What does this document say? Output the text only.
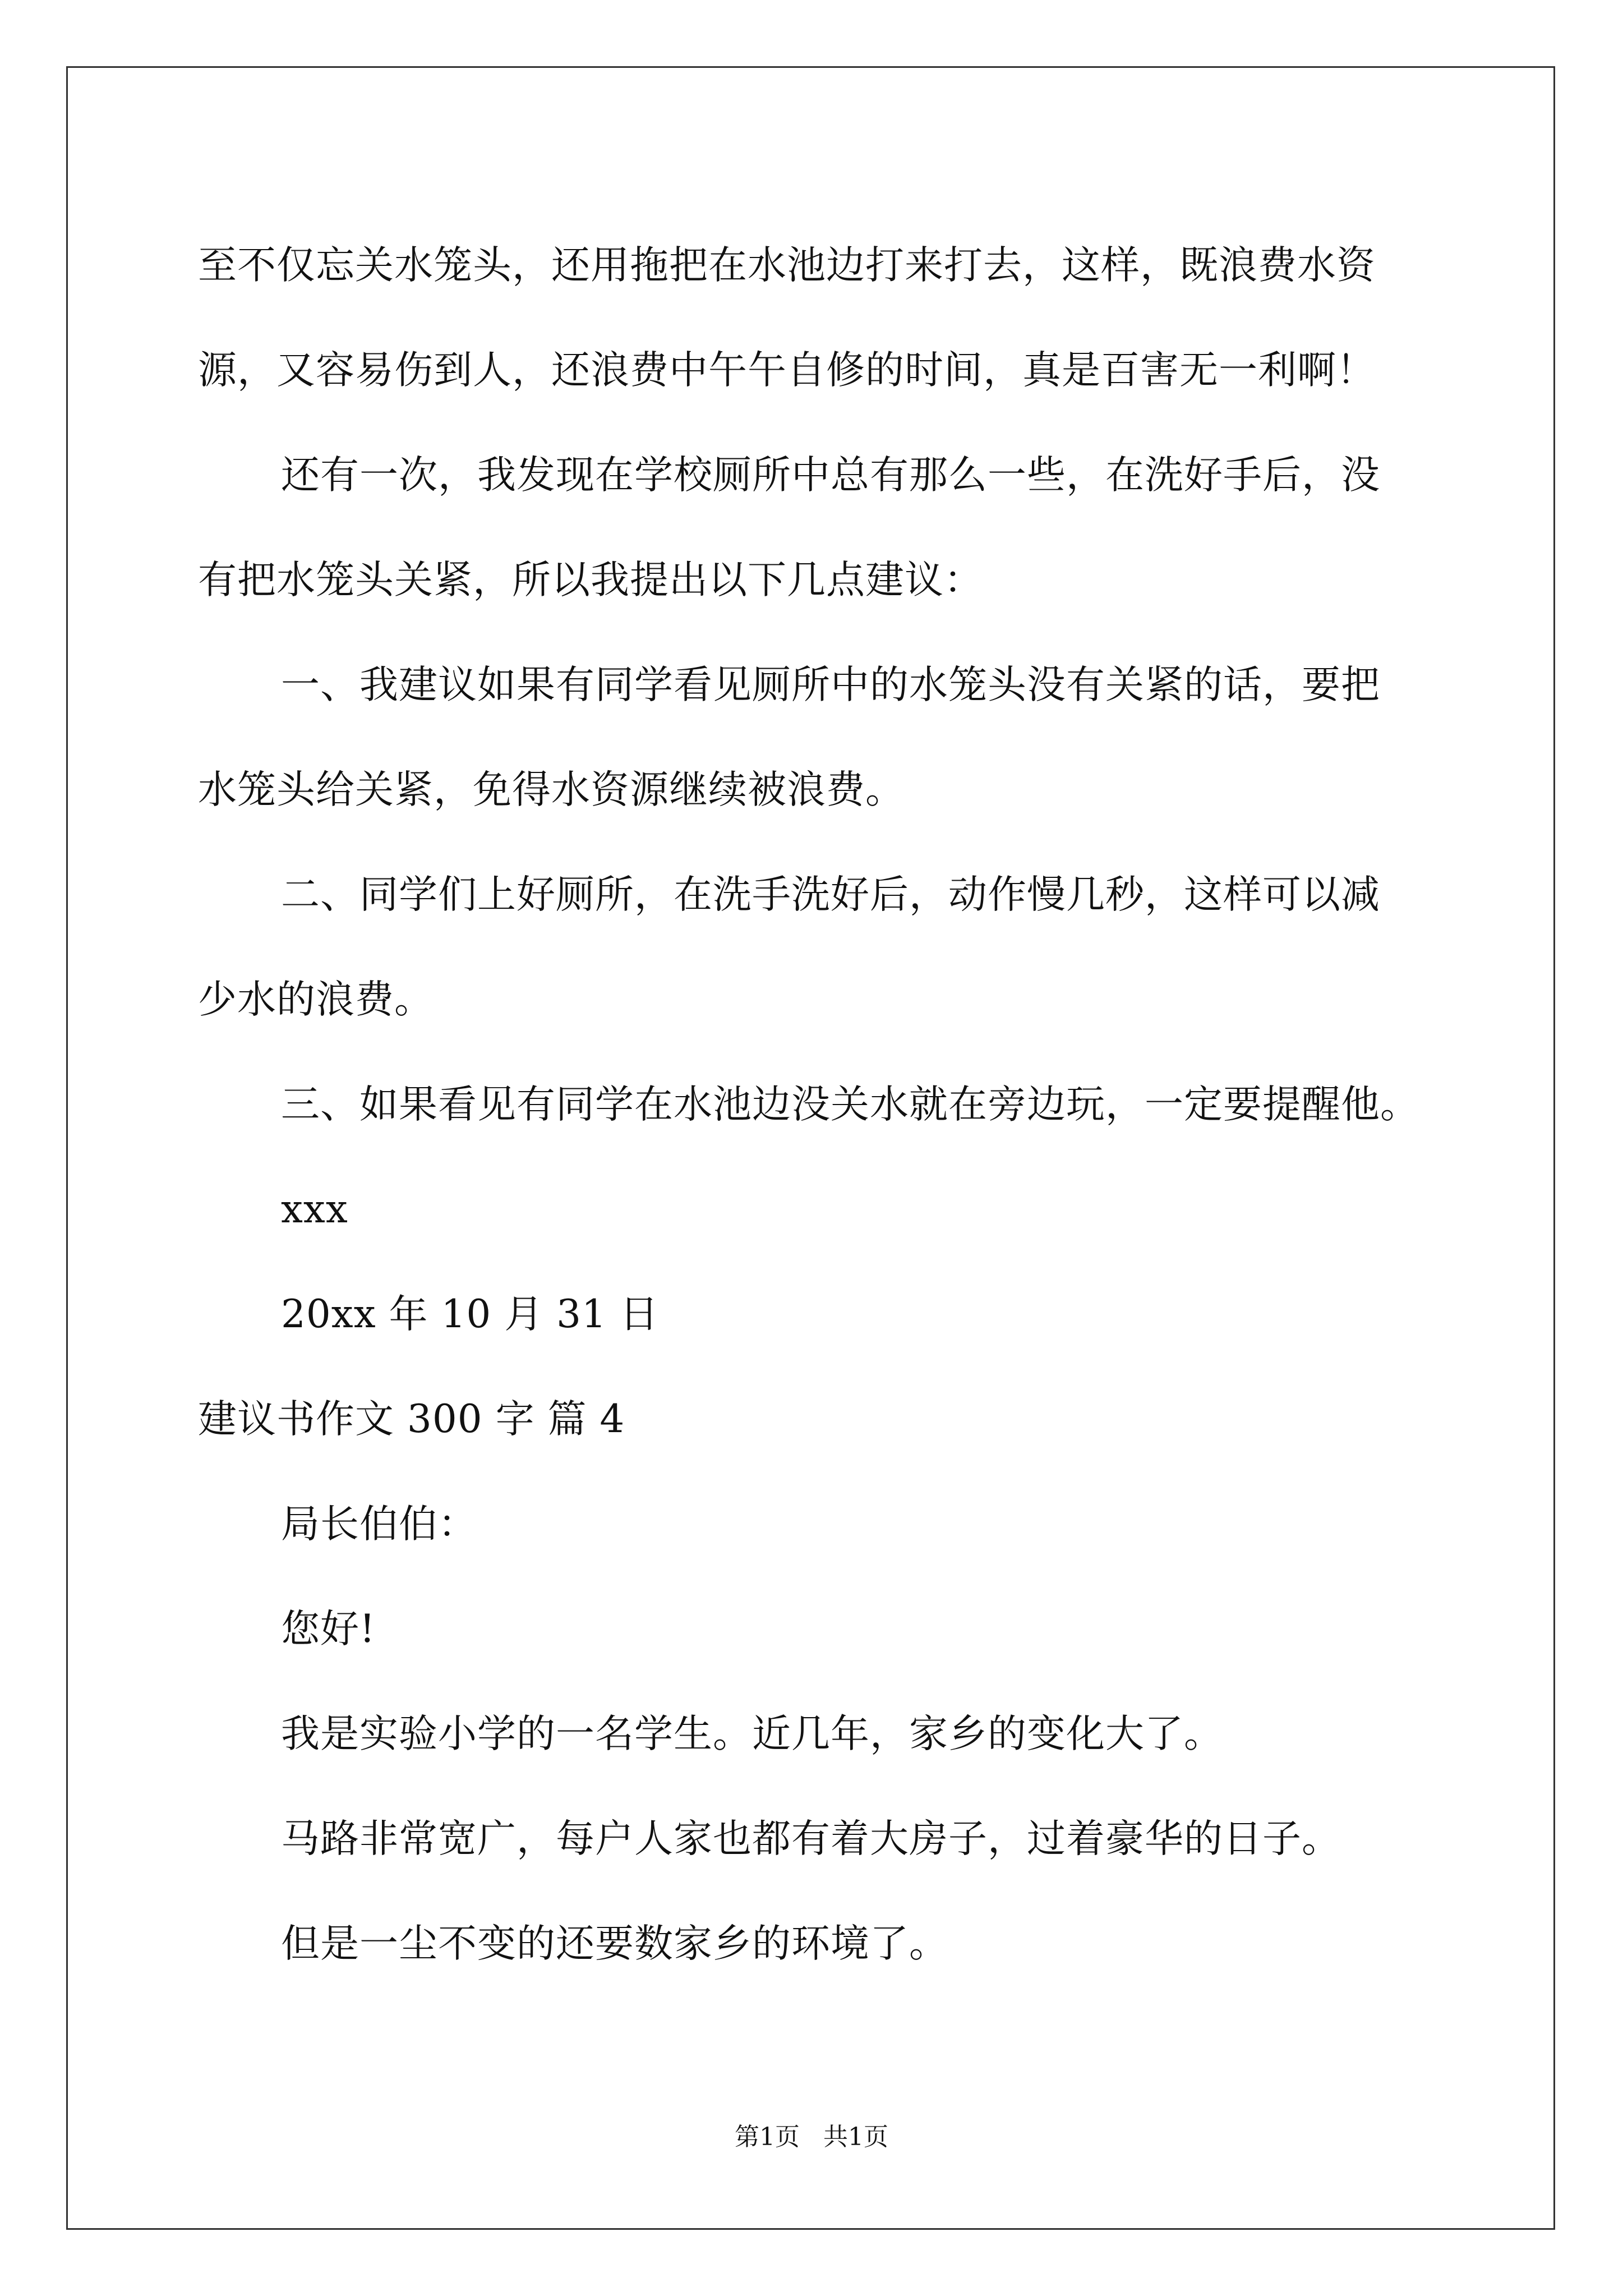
至不仅忘关水笼头，还用拖把在水池边打来打去，这样，既浪费水资
源，又容易伤到人，还浪费中午午自修的时间，真是百害无一利啊！
还有一次，我发现在学校厕所中总有那么一些，在洗好手后，没
有把水笼头关紧，所以我提出以下几点建议：
一、我建议如果有同学看见厕所中的水笼头没有关紧的话，要把
水笼头给关紧，免得水资源继续被浪费。
二、同学们上好厕所，在洗手洗好后，动作慢几秒，这样可以减
少水的浪费。
三、如果看见有同学在水池边没关水就在旁边玩，一定要提醒他。
xxx
20xx 年 10 月 31 日
建议书作文 300 字 篇 4
局长伯伯：
您好!
我是实验小学的一名学生。近几年，家乡的变化大了。
马路非常宽广，每户人家也都有着大房子，过着豪华的日子。
但是一尘不变的还要数家乡的环境了。
第1页   共1页
